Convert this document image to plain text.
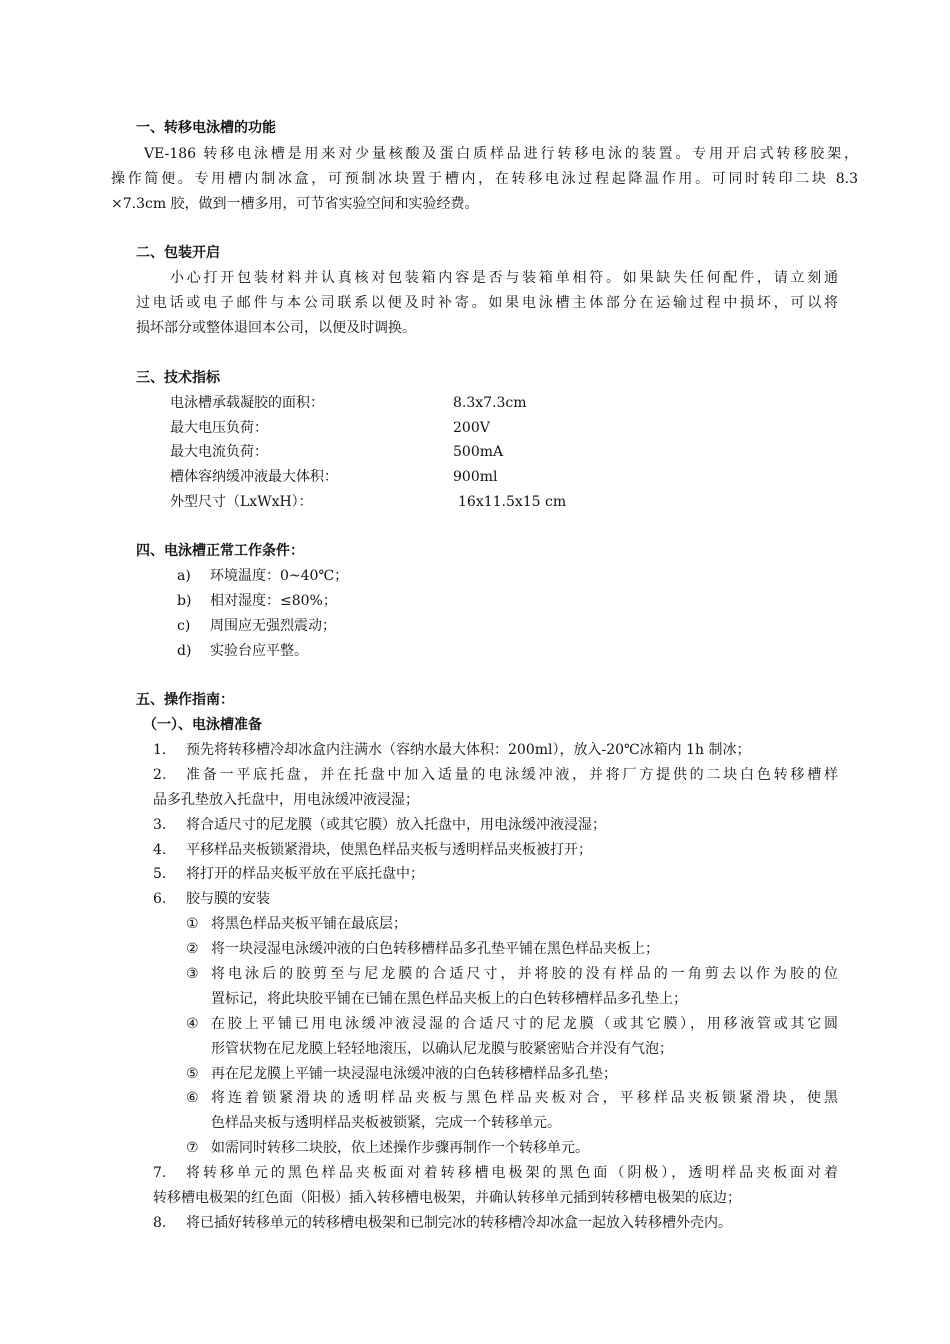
一、转移电泳槽的功能
VE-186 转移电泳槽是用来对少量核酸及蛋白质样品进行转移电泳的装置。专用开启式转移胶架，
操作简便。专用槽内制冰盒，可预制冰块置于槽内，在转移电泳过程起降温作用。可同时转印二块 8.3
×7.3cm 胶，做到一槽多用，可节省实验空间和实验经费。
二、包装开启
小心打开包装材料并认真核对包装箱内容是否与装箱单相符。如果缺失任何配件，请立刻通
过电话或电子邮件与本公司联系以便及时补寄。如果电泳槽主体部分在运输过程中损坏，可以将
损坏部分或整体退回本公司，以便及时调换。
三、技术指标
电泳槽承载凝胶的面积：	8.3x7.3cm
最大电压负荷：	200V
最大电流负荷：	500mA
槽体容纳缓冲液最大体积：	900ml
外型尺寸（LxWxH）：	16x11.5x15 cm
四、电泳槽正常工作条件：
a) 环境温度：0~40℃；
b) 相对湿度：≤80%；
c) 周围应无强烈震动；
d) 实验台应平整。
五、操作指南：
（一）、电泳槽准备
1. 预先将转移槽冷却冰盒内注满水（容纳水最大体积：200ml），放入-20℃冰箱内 1h 制冰；
2. 准备一平底托盘，并在托盘中加入适量的电泳缓冲液，并将厂方提供的二块白色转移槽样
品多孔垫放入托盘中，用电泳缓冲液浸湿；
3. 将合适尺寸的尼龙膜（或其它膜）放入托盘中，用电泳缓冲液浸湿；
4. 平移样品夹板锁紧滑块，使黑色样品夹板与透明样品夹板被打开；
5. 将打开的样品夹板平放在平底托盘中；
6. 胶与膜的安装
① 将黑色样品夹板平铺在最底层；
② 将一块浸湿电泳缓冲液的白色转移槽样品多孔垫平铺在黑色样品夹板上；
③ 将电泳后的胶剪至与尼龙膜的合适尺寸，并将胶的没有样品的一角剪去以作为胶的位
置标记，将此块胶平铺在已铺在黑色样品夹板上的白色转移槽样品多孔垫上；
④ 在胶上平铺已用电泳缓冲液浸湿的合适尺寸的尼龙膜（或其它膜），用移液管或其它圆
形管状物在尼龙膜上轻轻地滚压，以确认尼龙膜与胶紧密贴合并没有气泡；
⑤ 再在尼龙膜上平铺一块浸湿电泳缓冲液的白色转移槽样品多孔垫；
⑥ 将连着锁紧滑块的透明样品夹板与黑色样品夹板对合，平移样品夹板锁紧滑块，使黑
色样品夹板与透明样品夹板被锁紧，完成一个转移单元。
⑦ 如需同时转移二块胶，依上述操作步骤再制作一个转移单元。
7. 将转移单元的黑色样品夹板面对着转移槽电极架的黑色面（阴极），透明样品夹板面对着
转移槽电极架的红色面（阳极）插入转移槽电极架，并确认转移单元插到转移槽电极架的底边；
8. 将已插好转移单元的转移槽电极架和已制完冰的转移槽冷却冰盒一起放入转移槽外壳内。
